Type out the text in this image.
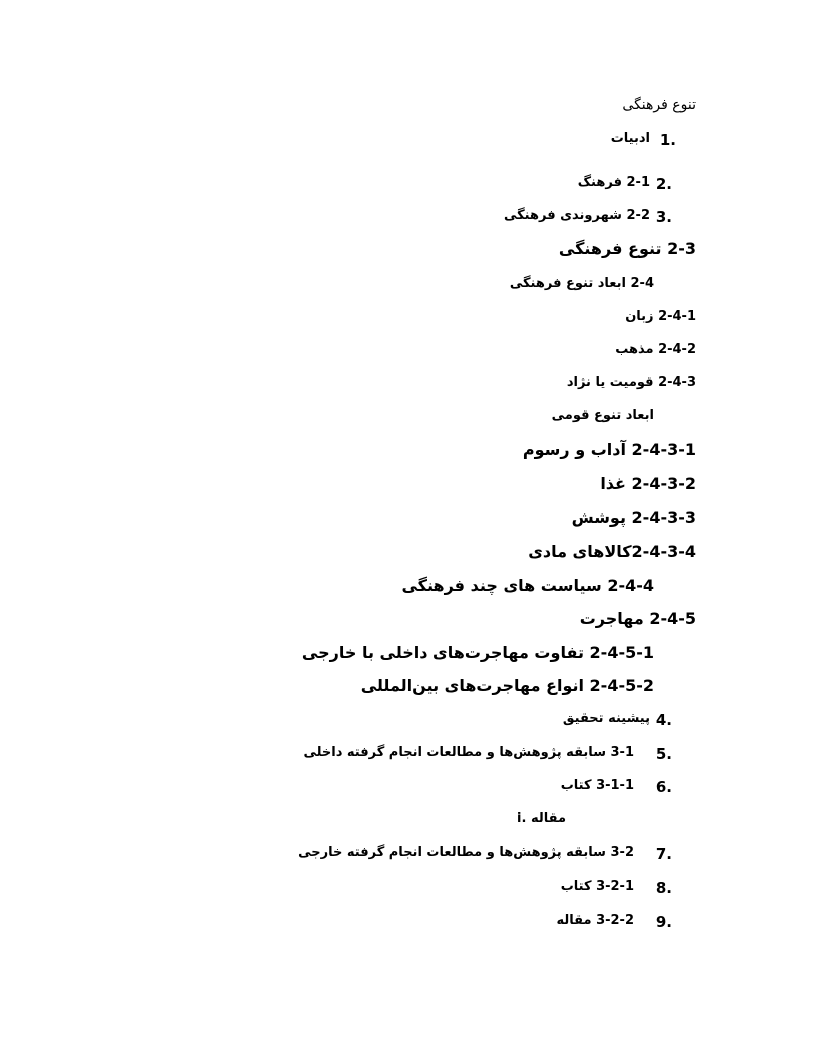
تنوع فرهنگی
1.
ادبیات
2.
2-1 فرهنگ
3.
2-2 شهروندی فرهنگی
2-3 تنوع فرهنگی
2-4 ابعاد تنوع فرهنگی
2-4-1 زبان
2-4-2 مذهب
2-4-3 قومیت یا نژاد
ابعاد تنوع قومی
2-4-3-1 آداب و رسوم
2-4-3-2 غذا
2-4-3-3 پوشش
2-4-3-4کالاهای مادی
2-4-4 سیاست های چند فرهنگی
2-4-5 مهاجرت
2-4-5-1 تفاوت مهاجرت‌های داخلی با خارجی
2-4-5-2 انواع مهاجرت‌های بین‌المللی
4.
پیشینه تحقیق
5.
3-1 سابقه پژوهش‌ها و مطالعات انجام گرفته داخلی
6.
3-1-1 کتاب
i. مقاله
7.
3-2 سابقه پژوهش‌ها و مطالعات انجام گرفته خارجی
8.
3-2-1 کتاب
9.
3-2-2 مقاله
